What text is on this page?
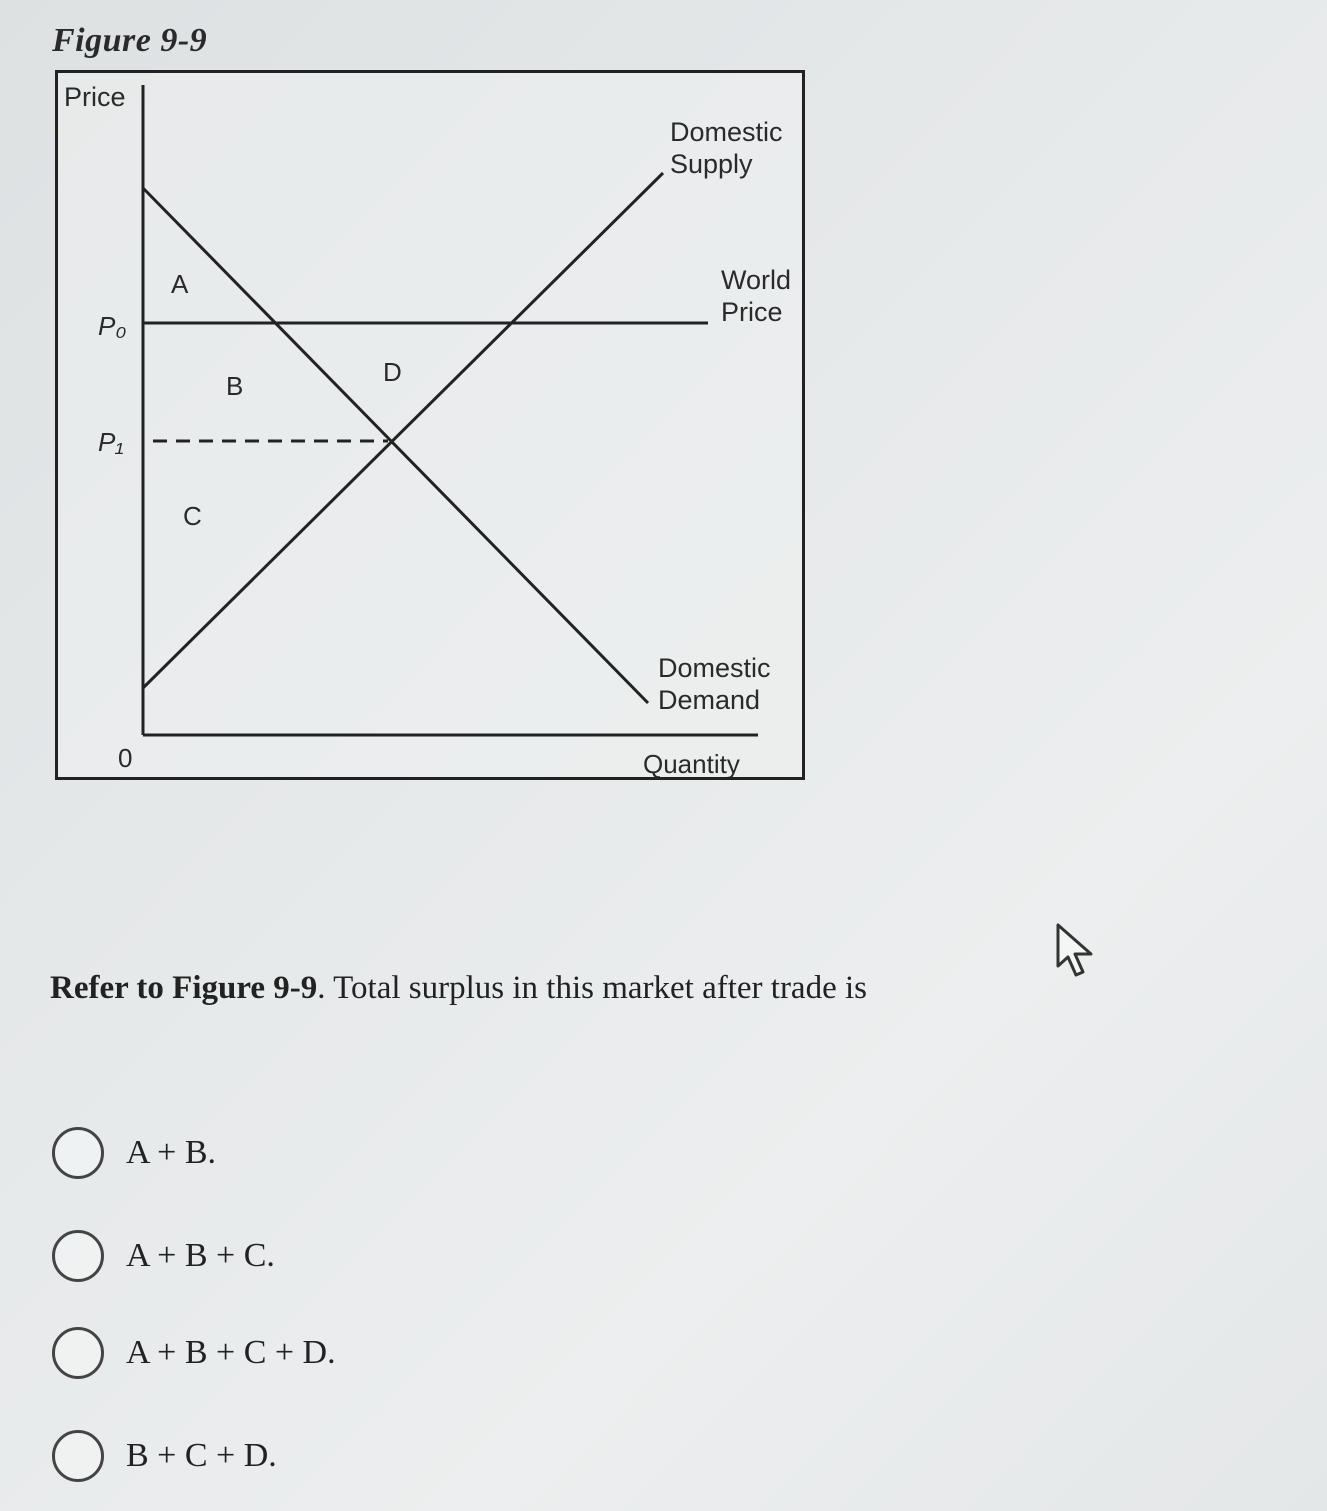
Figure 9-9
Price
0	Quantity
P₀
P₁
A
B
C
D
Domestic
Supply
World
Price
Domestic
Demand
Refer to Figure 9-9. Total surplus in this market after trade is
A + B.
A + B + C.
A + B + C + D.
B + C + D.
